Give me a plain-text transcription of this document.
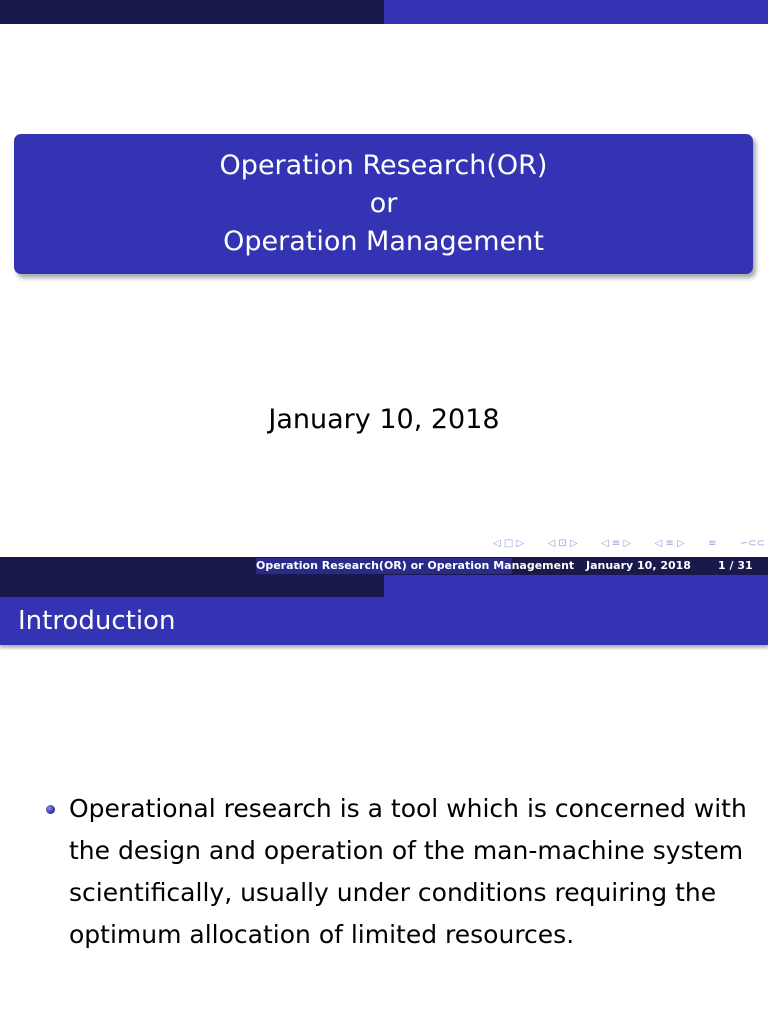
Operation Research(OR)
or
Operation Management
January 10, 2018
◁ □ ▷ ◁ ⊡ ▷ ◁ ≡ ▷ ◁ ≡ ▷ ≡ ∽⊂⊂
Operation Research(OR) or Operation Management January 10, 2018 1 / 31
Introduction
Operational research is a tool which is concerned with the design and operation of the man-machine system scientifically, usually under conditions requiring the optimum allocation of limited resources.
